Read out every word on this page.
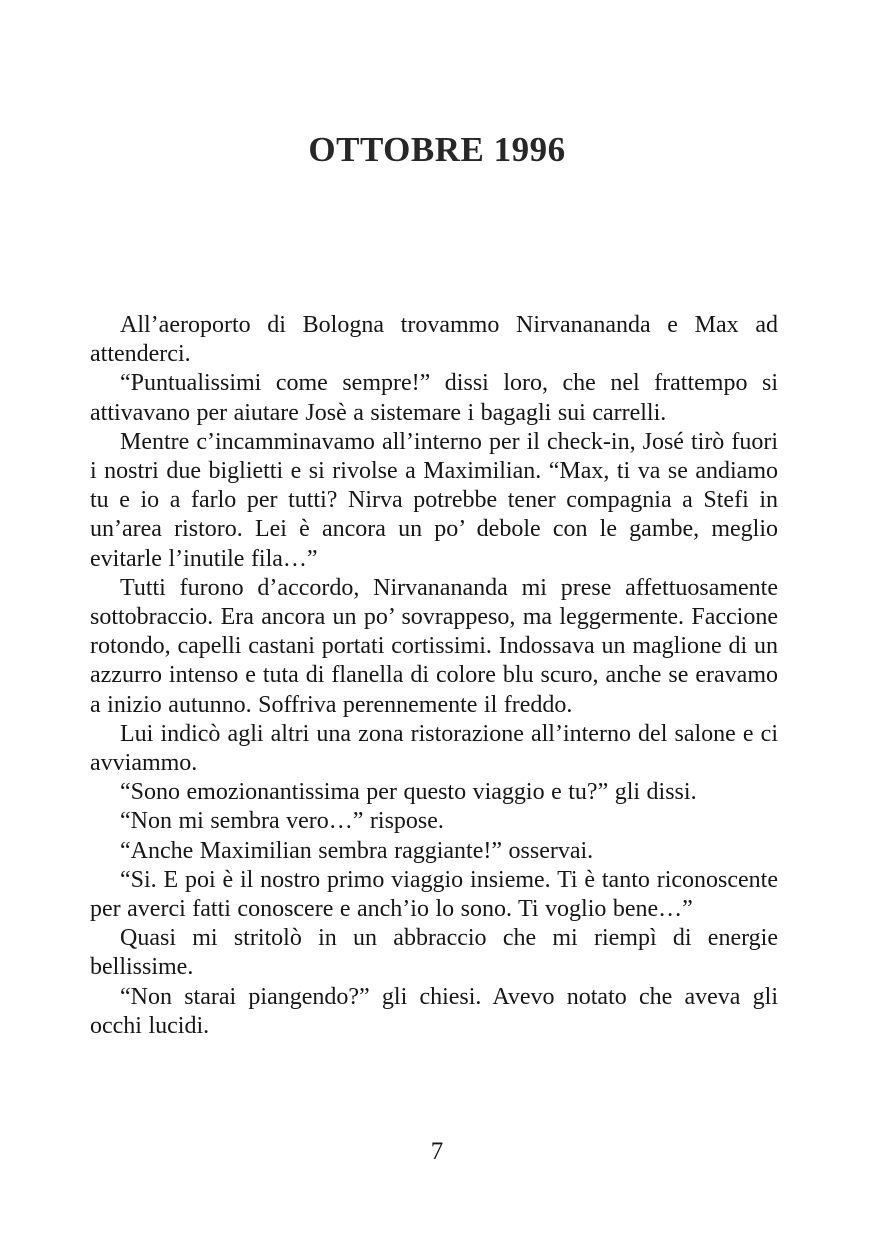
OTTOBRE 1996

All’aeroporto di Bologna trovammo Nirvanananda e Max ad attenderci.

“Puntualissimi come sempre!” dissi loro, che nel frattempo si attivavano per aiutare Josè a sistemare i bagagli sui carrelli.

Mentre c’incamminavamo all’interno per il check-in, José tirò fuori i nostri due biglietti e si rivolse a Maximilian. “Max, ti va se andiamo tu e io a farlo per tutti? Nirva potrebbe tener compagnia a Stefi in un’area ristoro. Lei è ancora un po’ debole con le gambe, meglio evitarle l’inutile fila…”

Tutti furono d’accordo, Nirvanananda mi prese affettuosamente sottobraccio. Era ancora un po’ sovrappeso, ma leggermente. Faccione rotondo, capelli castani portati cortissimi. Indossava un maglione di un azzurro intenso e tuta di flanella di colore blu scuro, anche se eravamo a inizio autunno. Soffriva perennemente il freddo.

Lui indicò agli altri una zona ristorazione all’interno del salone e ci avviammo.

“Sono emozionantissima per questo viaggio e tu?” gli dissi.

“Non mi sembra vero…” rispose.

“Anche Maximilian sembra raggiante!” osservai.

“Si. E poi è il nostro primo viaggio insieme. Ti è tanto riconoscente per averci fatti conoscere e anch’io lo sono. Ti voglio bene…”

Quasi mi stritolò in un abbraccio che mi riempì di energie bellissime.

“Non starai piangendo?” gli chiesi. Avevo notato che aveva gli occhi lucidi.

7
